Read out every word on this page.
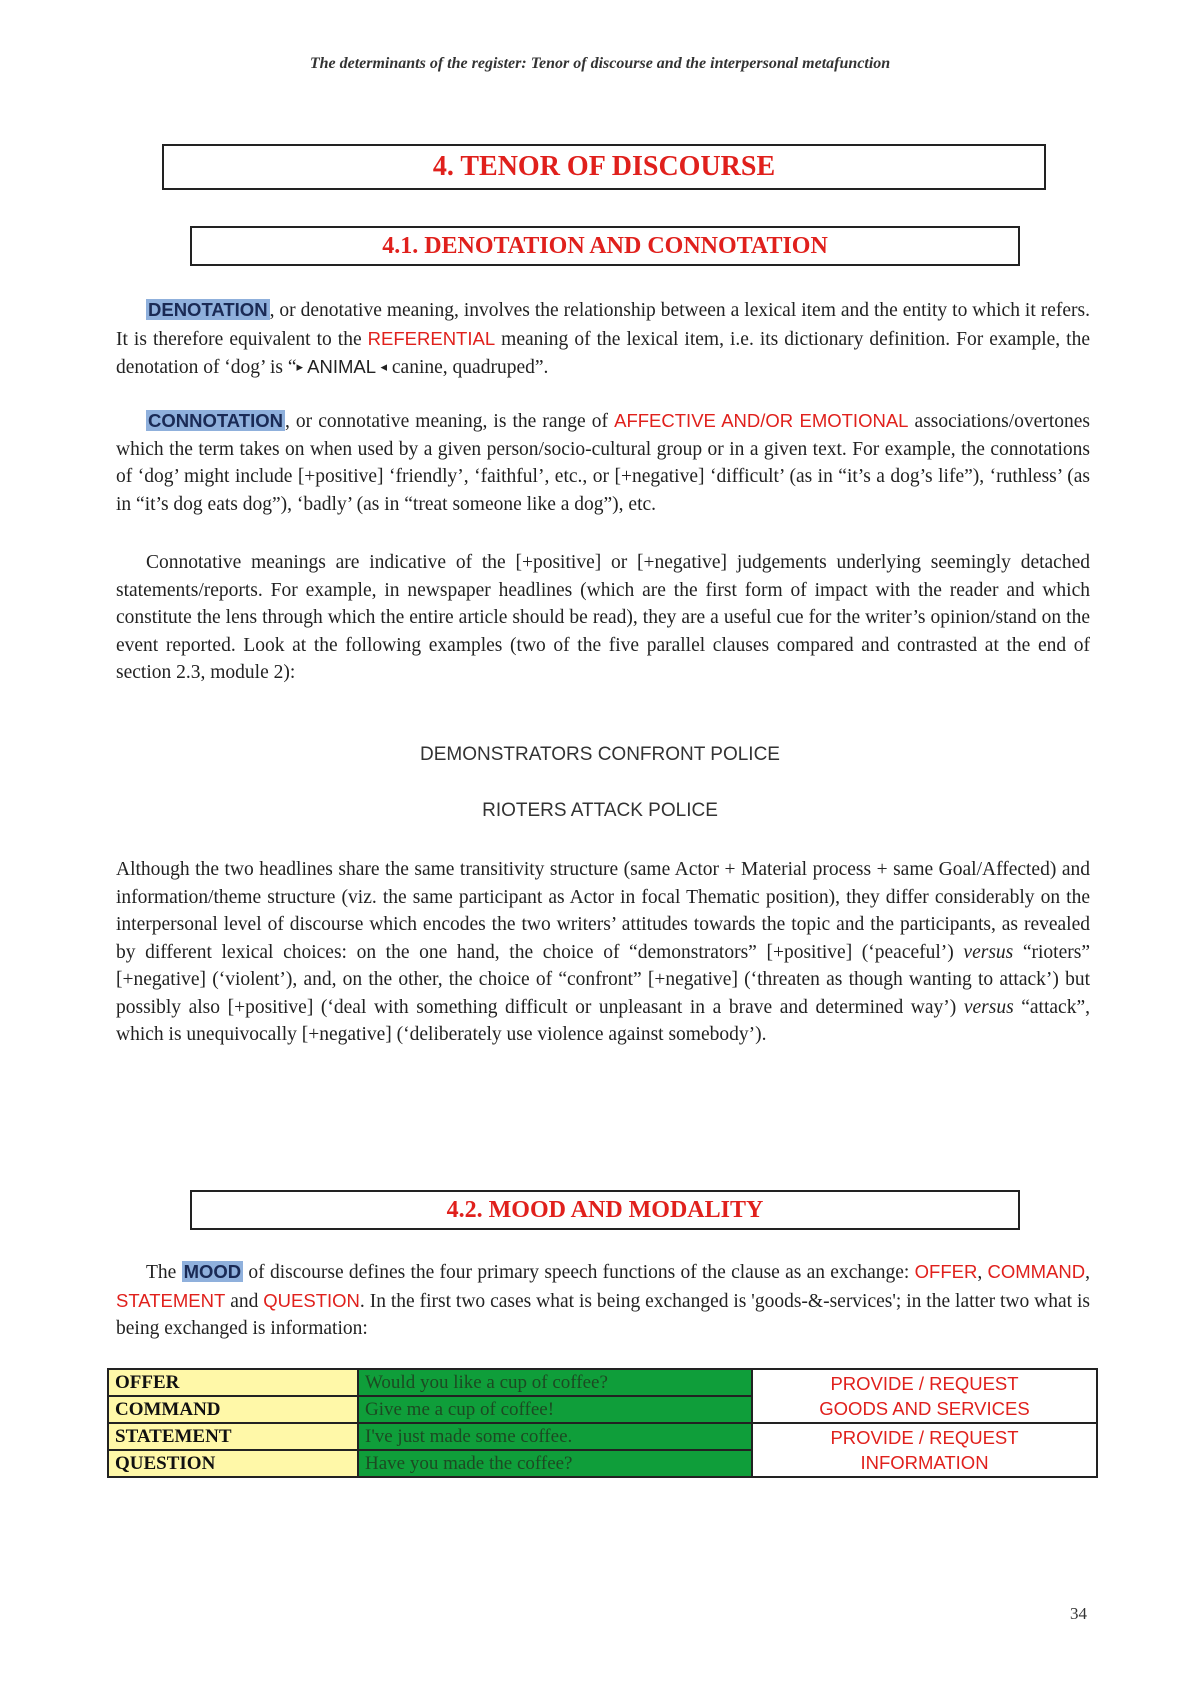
The determinants of the register: Tenor of discourse and the interpersonal metafunction
4. TENOR OF DISCOURSE
4.1. DENOTATION AND CONNOTATION
DENOTATION , or denotative meaning, involves the relationship between a lexical item and the entity to which it refers. It is therefore equivalent to the REFERENTIAL meaning of the lexical item, i.e. its dictionary definition. For example, the denotation of ‘dog’ is “▸ ANIMAL ◂ canine, quadruped”.
CONNOTATION , or connotative meaning, is the range of AFFECTIVE AND/OR EMOTIONAL associations/overtones which the term takes on when used by a given person/socio-cultural group or in a given text. For example, the connotations of ‘dog’ might include [+positive] ‘friendly’, ‘faithful’, etc., or [+negative] ‘difficult’ (as in “it’s a dog’s life”), ‘ruthless’ (as in “it’s dog eats dog”), ‘badly’ (as in “treat someone like a dog”), etc.
Connotative meanings are indicative of the [+positive] or [+negative] judgements underlying seemingly detached statements/reports. For example, in newspaper headlines (which are the first form of impact with the reader and which constitute the lens through which the entire article should be read), they are a useful cue for the writer’s opinion/stand on the event reported. Look at the following examples (two of the five parallel clauses compared and contrasted at the end of section 2.3, module 2):
DEMONSTRATORS CONFRONT POLICE
RIOTERS ATTACK POLICE
Although the two headlines share the same transitivity structure (same Actor + Material process + same Goal/Affected) and information/theme structure (viz. the same participant as Actor in focal Thematic position), they differ considerably on the interpersonal level of discourse which encodes the two writers’ attitudes towards the topic and the participants, as revealed by different lexical choices: on the one hand, the choice of “demonstrators” [+positive] (‘peaceful’) versus “rioters” [+negative] (‘violent’), and, on the other, the choice of “confront” [+negative] (‘threaten as though wanting to attack’) but possibly also [+positive] (‘deal with something difficult or unpleasant in a brave and determined way’) versus “attack”, which is unequivocally [+negative] (‘deliberately use violence against somebody’).
4.2. MOOD AND MODALITY
The MOOD of discourse defines the four primary speech functions of the clause as an exchange: OFFER, COMMAND, STATEMENT and QUESTION. In the first two cases what is being exchanged is 'goods-&-services'; in the latter two what is being exchanged is information:
OFFER	Would you like a cup of coffee?	PROVIDE / REQUEST
GOODS AND SERVICES

COMMAND	Give me a cup of coffee!	
STATEMENT	I've just made some coffee.	PROVIDE / REQUEST
INFORMATION

QUESTION	Have you made the coffee?	
34
